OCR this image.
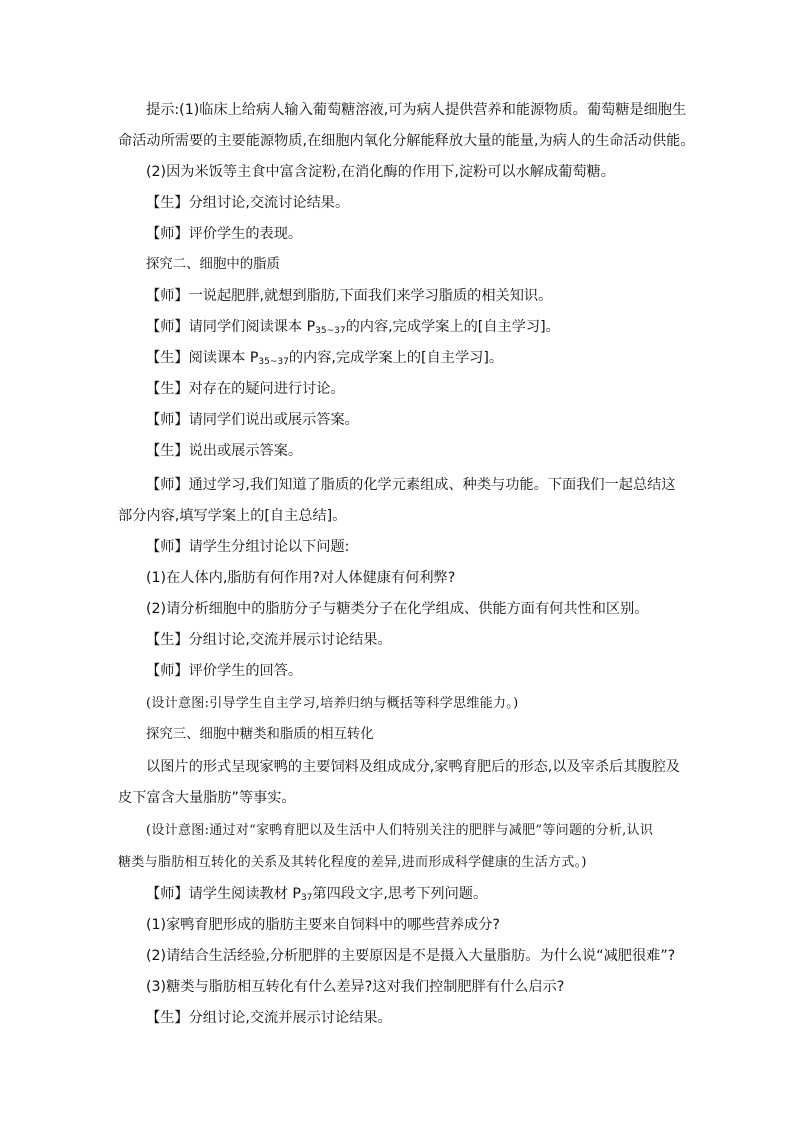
提示:(1)临床上给病人输入葡萄糖溶液,可为病人提供营养和能源物质。葡萄糖是细胞生

命活动所需要的主要能源物质,在细胞内氧化分解能释放大量的能量,为病人的生命活动供能。

(2)因为米饭等主食中富含淀粉,在消化酶的作用下,淀粉可以水解成葡萄糖。

【生】分组讨论,交流讨论结果。

【师】评价学生的表现。

探究二、细胞中的脂质

【师】一说起肥胖,就想到脂肪,下面我们来学习脂质的相关知识。

【师】请同学们阅读课本 $P_{35\sim 37}$的内容,完成学案上的[自主学习]。

【生】阅读课本 $P_{35\sim 37}$的内容,完成学案上的[自主学习]。

【生】对存在的疑问进行讨论。

【师】请同学们说出或展示答案。

【生】说出或展示答案。

【师】通过学习,我们知道了脂质的化学元素组成、种类与功能。下面我们一起总结这

部分内容,填写学案上的[自主总结]。

【师】请学生分组讨论以下问题:

(1)在人体内,脂肪有何作用?对人体健康有何利弊?

(2)请分析细胞中的脂肪分子与糖类分子在化学组成、供能方面有何共性和区别。

【生】分组讨论,交流并展示讨论结果。

【师】评价学生的回答。

(设计意图:引导学生自主学习,培养归纳与概括等科学思维能力。)

探究三、细胞中糖类和脂质的相互转化

以图片的形式呈现家鸭的主要饲料及组成成分,家鸭育肥后的形态,以及宰杀后其腹腔及

皮下富含大量脂肪”等事实。

(设计意图:通过对“家鸭育肥以及生活中人们特别关注的肥胖与减肥”等问题的分析,认识

糖类与脂肪相互转化的关系及其转化程度的差异,进而形成科学健康的生活方式。)

【师】请学生阅读教材 $P_{37}$第四段文字,思考下列问题。

(1)家鸭育肥形成的脂肪主要来自饲料中的哪些营养成分?

(2)请结合生活经验,分析肥胖的主要原因是不是摄入大量脂肪。为什么说“减肥很难”?

(3)糖类与脂肪相互转化有什么差异?这对我们控制肥胖有什么启示?

【生】分组讨论,交流并展示讨论结果。
